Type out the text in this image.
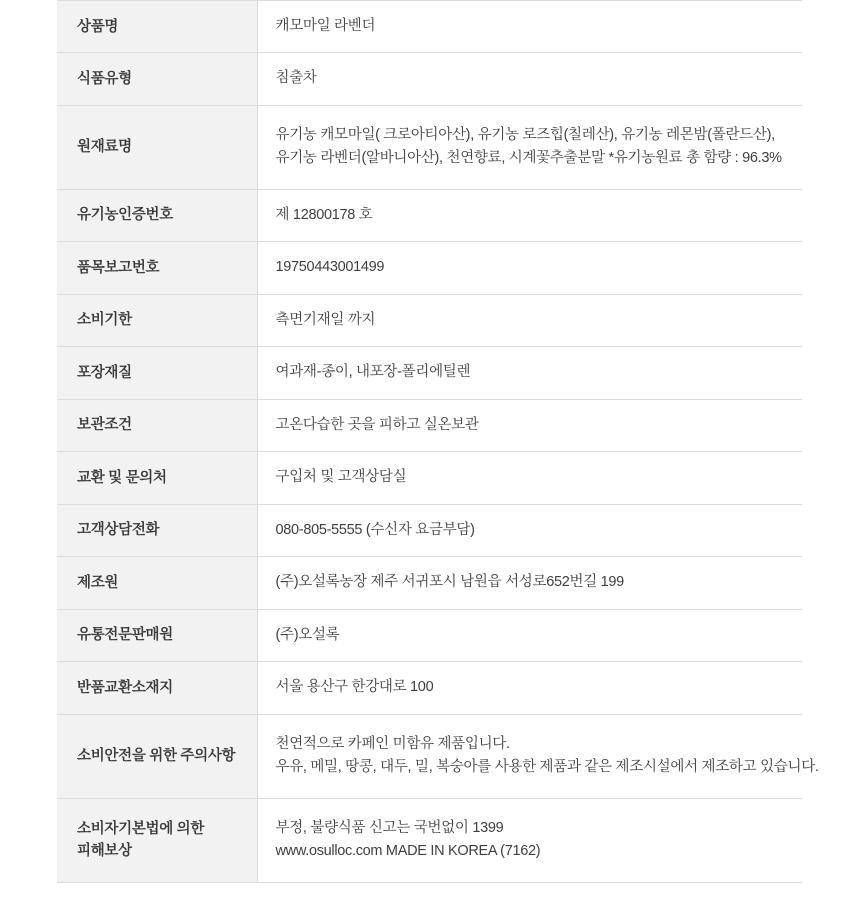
상품명	캐모마일 라벤더

식품유형	침출차

원재료명	유기농 캐모마일( 크로아티아산), 유기농 로즈힙(칠레산), 유기농 레몬밤(폴란드산),
유기농 라벤더(알바니아산), 천연향료, 시계꽃추출분말 *유기농원료 총 함량 : 96.3%

유기농인증번호	제 12800178 호

품목보고번호	19750443001499

소비기한	측면기재일 까지

포장재질	여과재-종이, 내포장-폴리에틸렌

보관조건	고온다습한 곳을 피하고 실온보관

교환 및 문의처	구입처 및 고객상담실

고객상담전화	080-805-5555 (수신자 요금부담)

제조원	(주)오설록농장 제주 서귀포시 남원읍 서성로652번길 199

유통전문판매원	(주)오설록

반품교환소재지	서울 용산구 한강대로 100

소비안전을 위한 주의사항	천연적으로 카페인 미함유 제품입니다.
우유, 메밀, 땅콩, 대두, 밀, 복숭아를 사용한 제품과 같은 제조시설에서 제조하고 있습니다.

소비자기본법에 의한
피해보상	부정, 불량식품 신고는 국번없이 1399
www.osulloc.com MADE IN KOREA (7162)
